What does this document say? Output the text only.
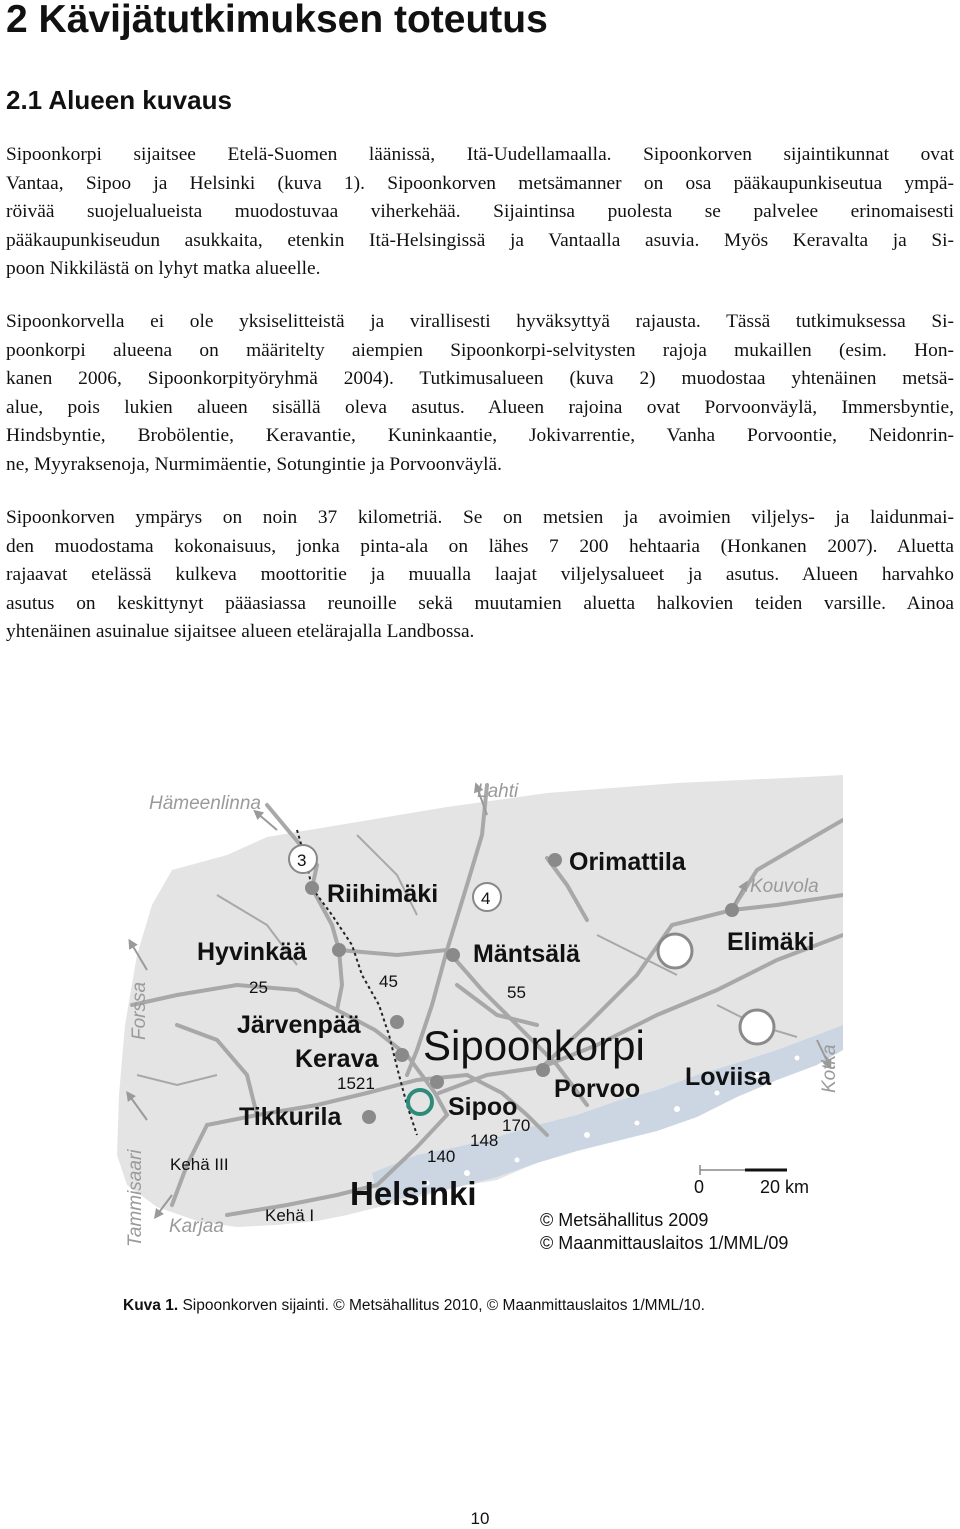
2 Kävijätutkimuksen toteutus
2.1 Alueen kuvaus
Sipoonkorpi sijaitsee Etelä-Suomen läänissä, Itä-Uudellamaalla. Sipoonkorven sijaintikunnat ovat
Vantaa, Sipoo ja Helsinki (kuva 1). Sipoonkorven metsämanner on osa pääkaupunkiseutua ympä-
röivää suojelualueista muodostuvaa viherkehää. Sijaintinsa puolesta se palvelee erinomaisesti
pääkaupunkiseudun asukkaita, etenkin Itä-Helsingissä ja Vantaalla asuvia. Myös Keravalta ja Si-
poon Nikkilästä on lyhyt matka alueelle.
Sipoonkorvella ei ole yksiselitteistä ja virallisesti hyväksyttyä rajausta. Tässä tutkimuksessa Si-
poonkorpi alueena on määritelty aiempien Sipoonkorpi-selvitysten rajoja mukaillen (esim. Hon-
kanen 2006, Sipoonkorpityöryhmä 2004). Tutkimusalueen (kuva 2) muodostaa yhtenäinen metsä-
alue, pois lukien alueen sisällä oleva asutus. Alueen rajoina ovat Porvoonväylä, Immersbyntie,
Hindsbyntie, Brobölentie, Keravantie, Kuninkaantie, Jokivarrentie, Vanha Porvoontie, Neidonrin-
ne, Myyraksenoja, Nurmimäentie, Sotungintie ja Porvoonväylä.
Sipoonkorven ympärys on noin 37 kilometriä. Se on metsien ja avoimien viljelys- ja laidunmai-
den muodostama kokonaisuus, jonka pinta-ala on lähes 7 200 hehtaaria (Honkanen 2007). Aluetta
rajaavat etelässä kulkeva moottoritie ja muualla laajat viljelysalueet ja asutus. Alueen harvahko
asutus on keskittynyt pääasiassa reunoille sekä muutamien aluetta halkovien teiden varsille. Ainoa
yhtenäinen asuinalue sijaitsee alueen etelärajalla Landbossa.
Hämeenlinna
Lahti
Kouvola
Forssa
Kotka
Tammisaari Karjaa
Riihimäki
Orimattila
Hyvinkää	Mäntsälä	Elimäki
Järvenpää
Kerava Sipoonkorpi
Loviisa
Porvoo
Tikkurila	Sipoo
Helsinki
3
4
25	45
55
1521
170
148
140
Kehä III
Kehä I
0	20 km
© Metsähallitus 2009
© Maanmittauslaitos 1/MML/09
Kuva 1. Sipoonkorven sijainti. © Metsähallitus 2010, © Maanmittauslaitos 1/MML/10.
10
